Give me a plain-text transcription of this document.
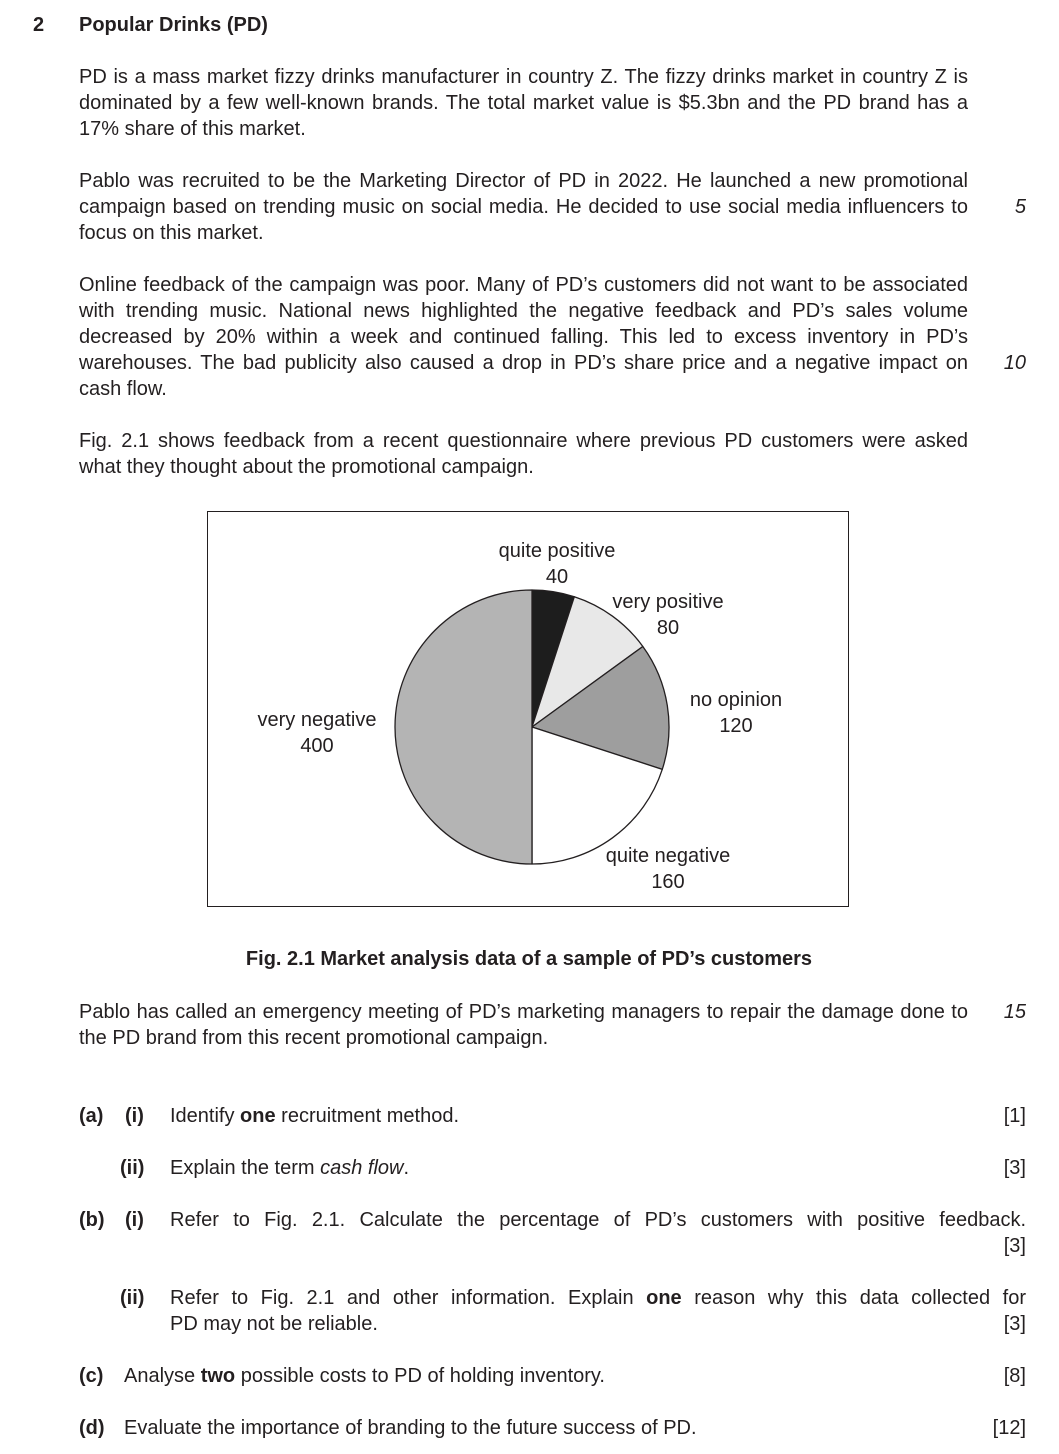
2 Popular Drinks (PD)
PD is a mass market fizzy drinks manufacturer in country Z. The fizzy drinks market in country Z is dominated by a few well-known brands. The total market value is $5.3bn and the PD brand has a 17% share of this market.
Pablo was recruited to be the Marketing Director of PD in 2022. He launched a new promotional campaign based on trending music on social media. He decided to use social media influencers to focus on this market.
5
Online feedback of the campaign was poor. Many of PD’s customers did not want to be associated with trending music. National news highlighted the negative feedback and PD’s sales volume decreased by 20% within a week and continued falling. This led to excess inventory in PD’s warehouses. The bad publicity also caused a drop in PD’s share price and a negative impact on cash flow.
10
Fig. 2.1 shows feedback from a recent questionnaire where previous PD customers were asked what they thought about the promotional campaign.
quite positive
40
very positive
80
no opinion
120
quite negative
160
very negative
400
Fig. 2.1 Market analysis data of a sample of PD’s customers
Pablo has called an emergency meeting of PD’s marketing managers to repair the damage done to the PD brand from this recent promotional campaign.
15
(a) (i) Identify one recruitment method.	[1]
(ii) Explain the term cash flow.	[3]
(b) (i) Refer to Fig. 2.1. Calculate the percentage of PD’s customers with positive feedback.
[3]
(ii) Refer to Fig. 2.1 and other information. Explain one reason why this data collected for
PD may not be reliable.	[3]
(c) Analyse two possible costs to PD of holding inventory.	[8]
(d) Evaluate the importance of branding to the future success of PD.	[12]
